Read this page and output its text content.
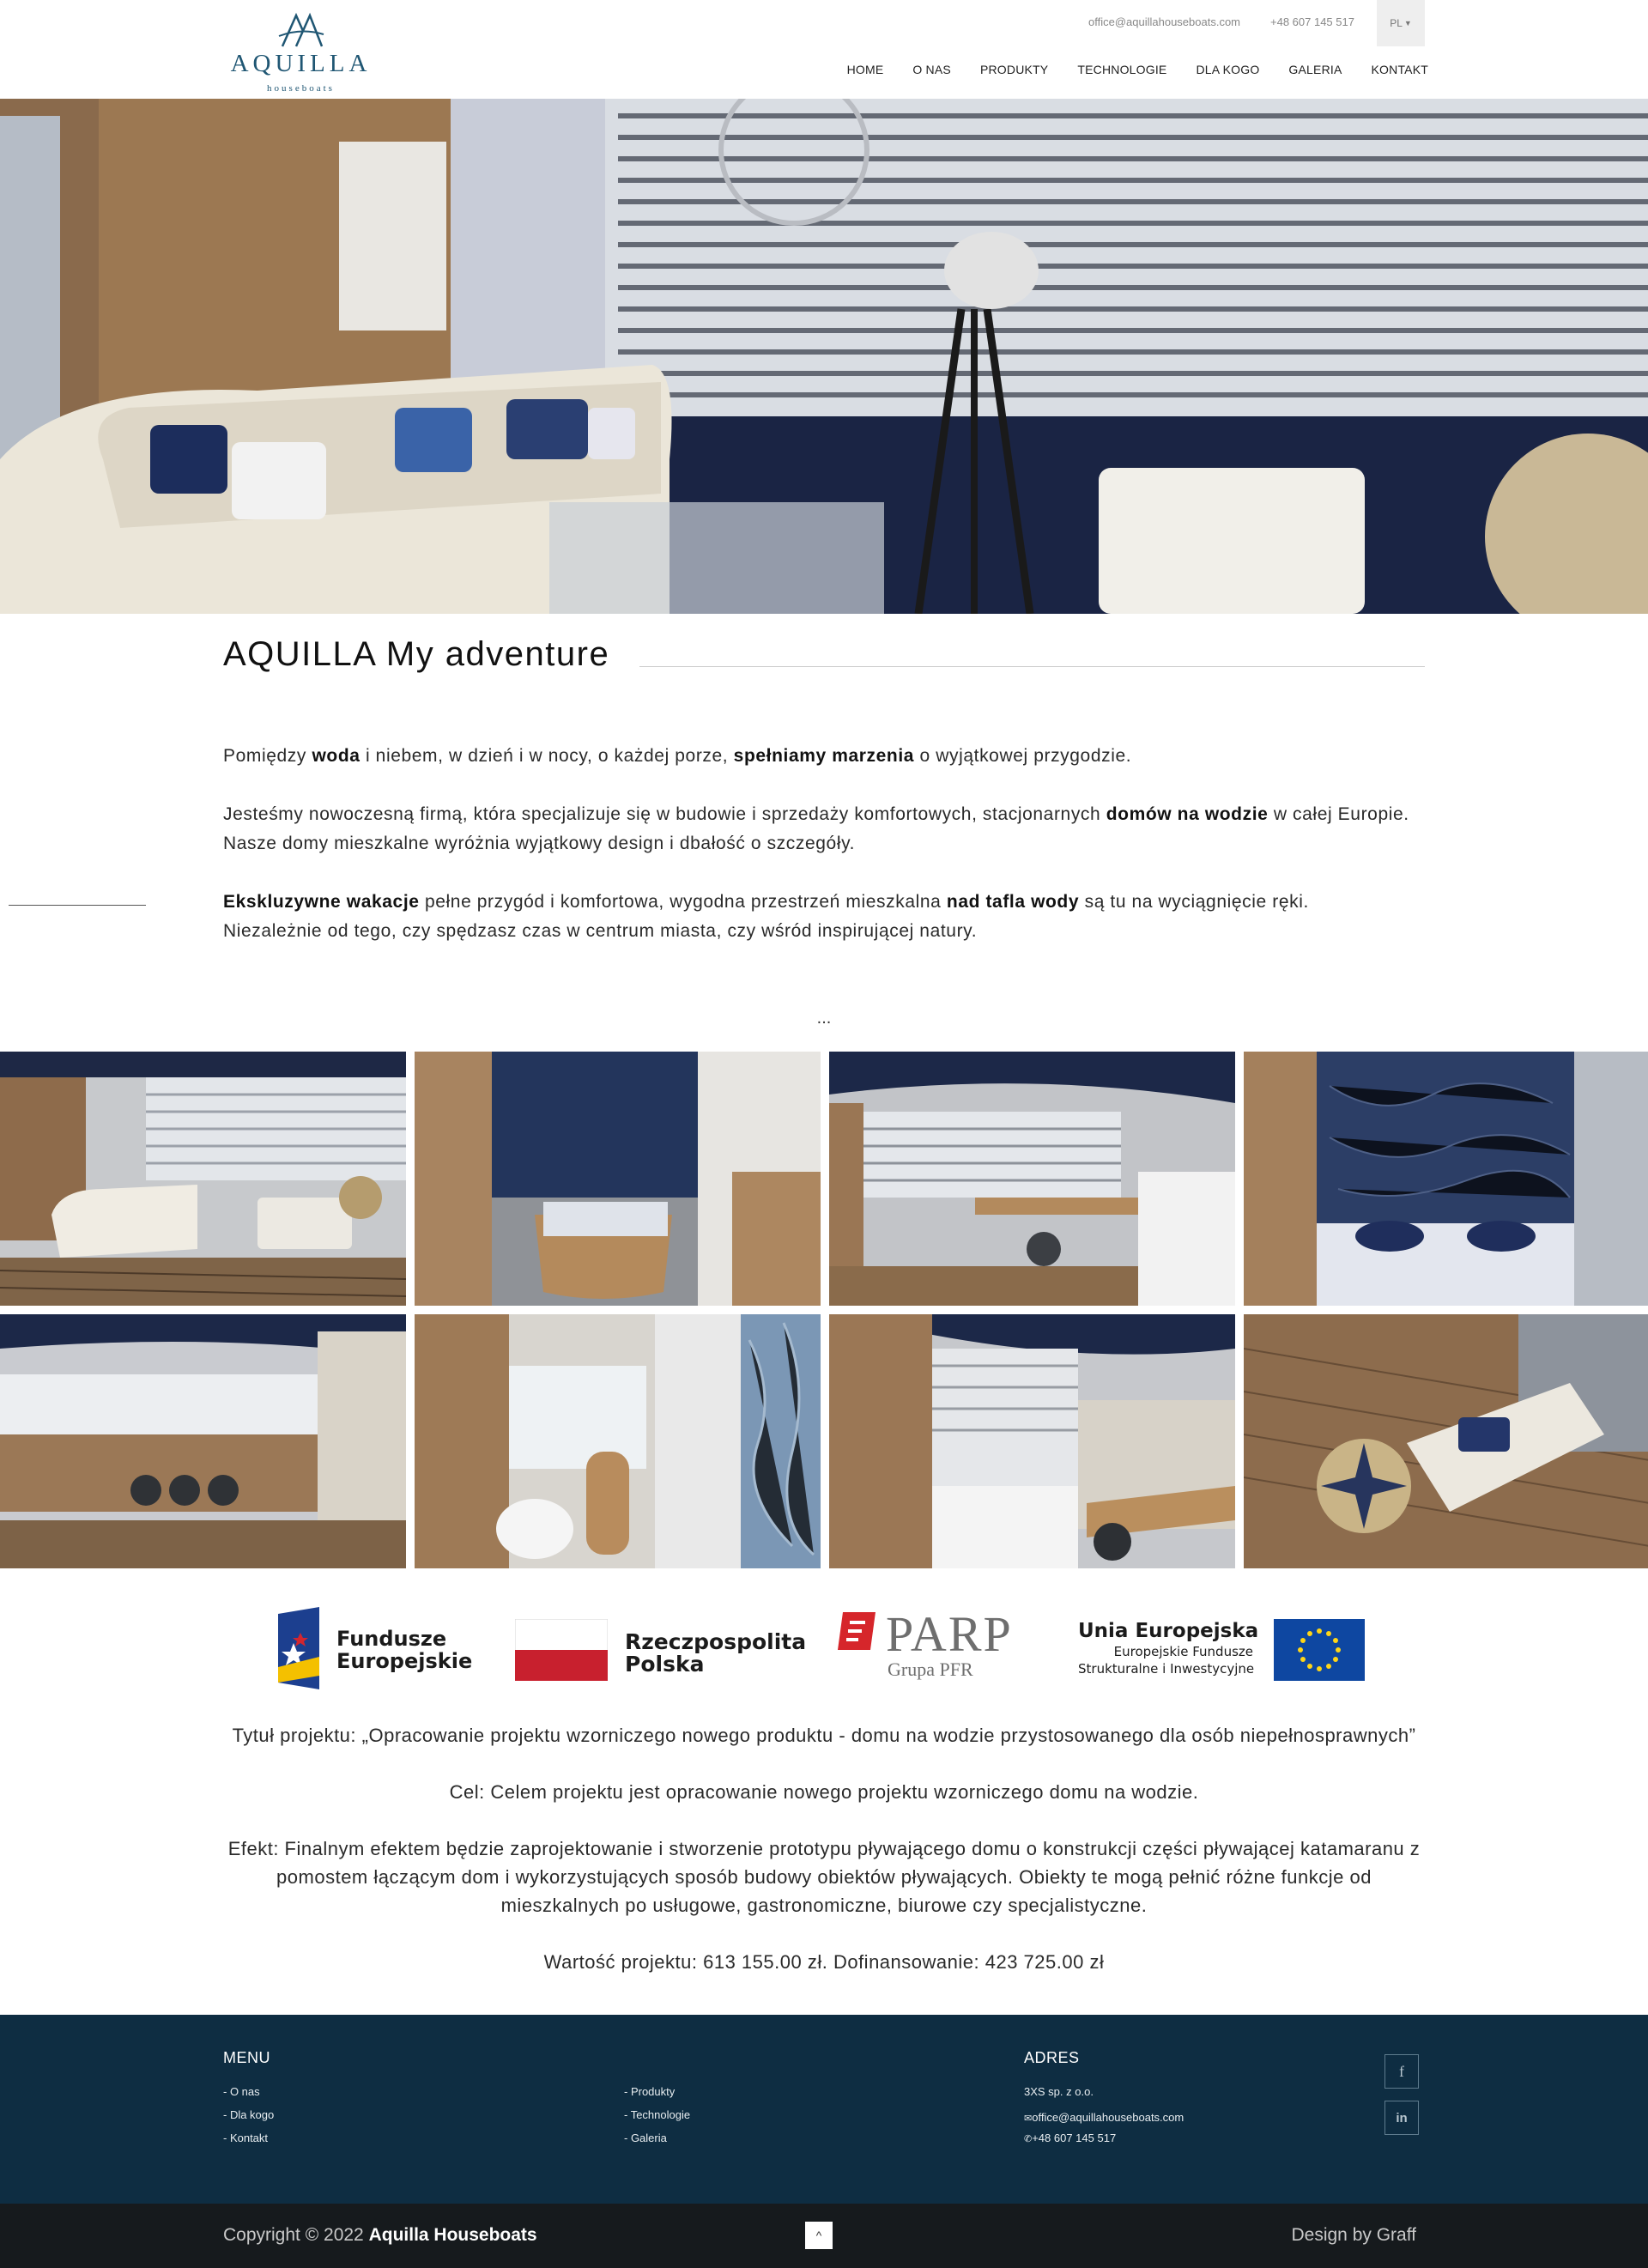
AQUILLA
houseboats
office@aquillahouseboats.com	+48 607 145 517	PL ▼
HOME	O NAS	PRODUKTY	TECHNOLOGIE	DLA KOGO	GALERIA	KONTAKT
AQUILLA My adventure

Pomiędzy woda i niebem, w dzień i w nocy, o każdej porze, spełniamy marzenia o wyjątkowej przygodzie.

Jesteśmy nowoczesną firmą, która specjalizuje się w budowie i sprzedaży komfortowych, stacjonarnych domów na wodzie w całej Europie.

Nasze domy mieszkalne wyróżnia wyjątkowy design i dbałość o szczegóły.

Ekskluzywne wakacje pełne przygód i komfortowa, wygodna przestrzeń mieszkalna nad tafla wody są tu na wyciągnięcie ręki.

Niezależnie od tego, czy spędzasz czas w centrum miasta, czy wśród inspirującej natury.

...
Fundusze
Europejskie
Rzeczpospolita
Polska
PARP
Grupa PFR
Unia Europejska
Europejskie Fundusze
Strukturalne i Inwestycyjne

Tytuł projektu: „Opracowanie projektu wzorniczego nowego produktu - domu na wodzie przystosowanego dla osób niepełnosprawnych”

Cel: Celem projektu jest opracowanie nowego projektu wzorniczego domu na wodzie.

Efekt: Finalnym efektem będzie zaprojektowanie i stworzenie prototypu pływającego domu o konstrukcji części pływającej katamaranu z pomostem łączącym dom i wykorzystujących sposób budowy obiektów pływających. Obiekty te mogą pełnić różne funkcje od mieszkalnych po usługowe, gastronomiczne, biurowe czy specjalistyczne.

Wartość projektu: 613 155.00 zł. Dofinansowanie: 423 725.00 zł

MENU
- O nas
- Dla kogo
- Kontakt
- Produkty
- Technologie
- Galeria
ADRES
3XS sp. z o.o.
✉office@aquillahouseboats.com
✆+48 607 145 517
f
in
Copyright © 2022 Aquilla Houseboats	^	Design by Graff
